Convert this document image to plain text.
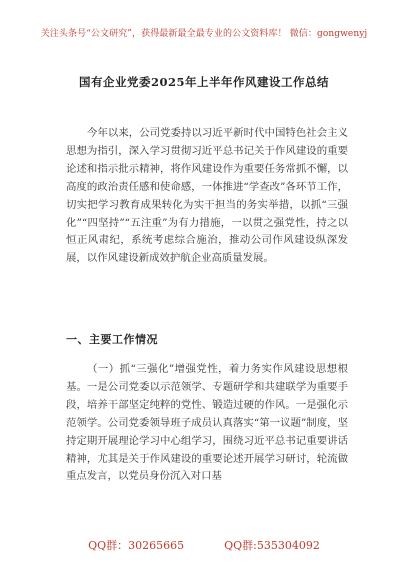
关注头条号“公文研究”，获得最新最全最专业的公文资料库！ 微信：gongwenyj
国有企业党委2025年上半年作风建设工作总结

今年以来，公司党委持以习近平新时代中国特色社会主义思想为指引，深入学习贯彻习近平总书记关于作风建设的重要论述和指示批示精神，将作风建设作为重要任务常抓不懈，以高度的政治责任感和使命感，一体推进“学查改”各环节工作，切实把学习教育成果转化为实干担当的务实举措，以抓“三强化”“四坚持”“五注重”为有力措施，一以贯之强党性，持之以恒正风肃纪，系统考虑综合施治，推动公司作风建设纵深发展，以作风建设新成效护航企业高质量发展。

一、主要工作情况

（一）抓“三强化”增强党性，着力务实作风建设思想根基。一是公司党委以示范领学、专题研学和共建联学为重要手段，培养干部坚定纯粹的党性、锻造过硬的作风。一是强化示范领学。公司党委领导班子成员认真落实“第一议题”制度，坚持定期开展理论学习中心组学习，围绕习近平总书记重要讲话精神，尤其是关于作风建设的重要论述开展学习研讨，轮流做重点发言，以党员身份沉入对口基

QQ群：30265665	QQ群:535304092
